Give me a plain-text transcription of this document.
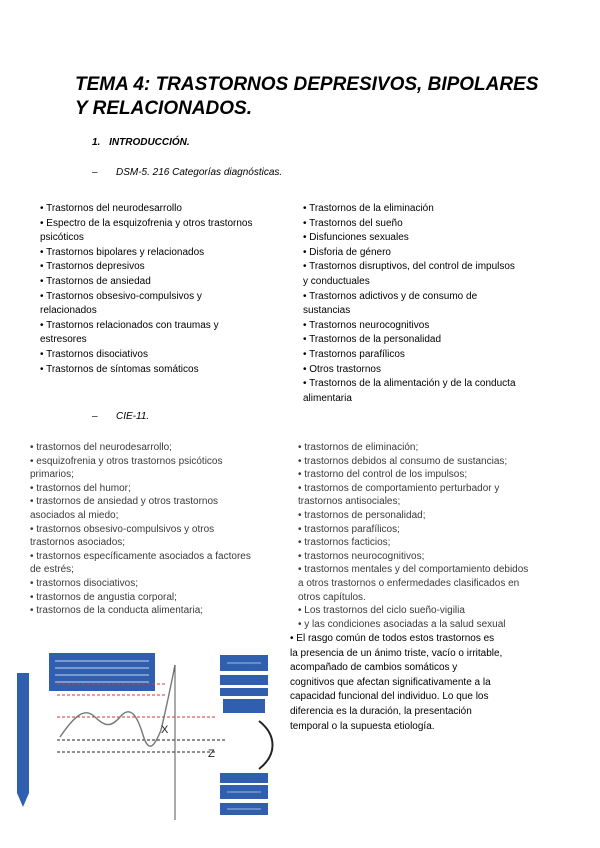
TEMA 4: TRASTORNOS DEPRESIVOS, BIPOLARES Y RELACIONADOS.
1. INTRODUCCIÓN.
– DSM-5. 216 Categorías diagnósticas.
• Trastornos del neurodesarrollo
• Espectro de la esquizofrenia y otros trastornos
psicóticos
• Trastornos bipolares y relacionados
• Trastornos depresivos
• Trastornos de ansiedad
• Trastornos obsesivo-compulsivos y
relacionados
• Trastornos relacionados con traumas y
estresores
• Trastornos disociativos
• Trastornos de síntomas somáticos
• Trastornos de la eliminación
• Trastornos del sueño
• Disfunciones sexuales
• Disforia de género
• Trastornos disruptivos, del control de impulsos
y conductuales
• Trastornos adictivos y de consumo de
sustancias
• Trastornos neurocognitivos
• Trastornos de la personalidad
• Trastornos parafílicos
• Otros trastornos
• Trastornos de la alimentación y de la conducta
alimentaria
– CIE-11.
• trastornos del neurodesarrollo;
• esquizofrenia y otros trastornos psicóticos
primarios;
• trastornos del humor;
• trastornos de ansiedad y otros trastornos
asociados al miedo;
• trastornos obsesivo-compulsivos y otros
trastornos asociados;
• trastornos específicamente asociados a factores
de estrés;
• trastornos disociativos;
• trastornos de angustia corporal;
• trastornos de la conducta alimentaria;
• trastornos de eliminación;
• trastornos debidos al consumo de sustancias;
• trastorno del control de los impulsos;
• trastornos de comportamiento perturbador y
trastornos antisociales;
• trastornos de personalidad;
• trastornos parafílicos;
• trastornos facticios;
• trastornos neurocognitivos;
• trastornos mentales y del comportamiento debidos
a otros trastornos o enfermedades clasificados en
otros capítulos.
• Los trastornos del ciclo sueño-vigilia
• y las condiciones asociadas a la salud sexual
X
Z
• El rasgo común de todos estos trastornos es
la presencia de un ánimo triste, vacío o irritable,
acompañado de cambios somáticos y
cognitivos que afectan significativamente a la
capacidad funcional del individuo. Lo que los
diferencia es la duración, la presentación
temporal o la supuesta etiología.
